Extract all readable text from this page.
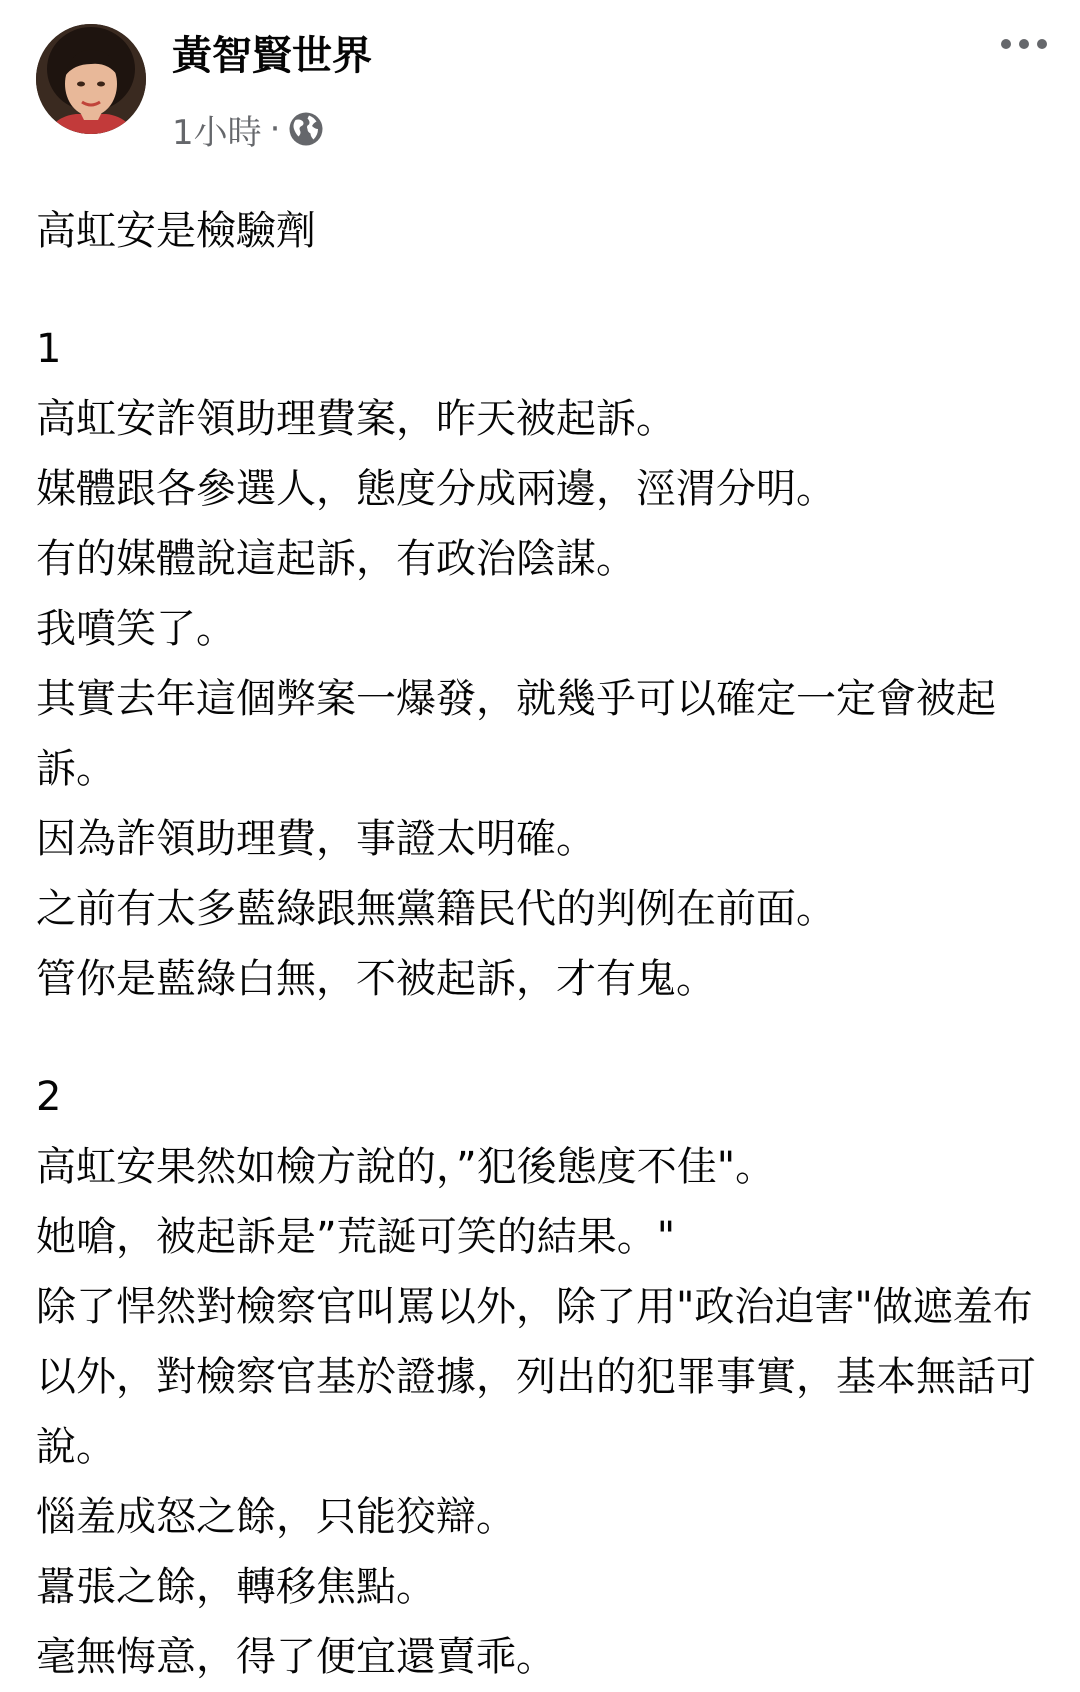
黃智賢世界
1小時 ·
高虹安是檢驗劑
1
高虹安詐領助理費案，昨天被起訴。
媒體跟各參選人，態度分成兩邊，涇渭分明。
有的媒體說這起訴，有政治陰謀。
我噴笑了。
其實去年這個弊案一爆發，就幾乎可以確定一定會被起訴。
因為詐領助理費，事證太明確。
之前有太多藍綠跟無黨籍民代的判例在前面。
管你是藍綠白無，不被起訴，才有鬼。
2
高虹安果然如檢方說的，”犯後態度不佳"。
她嗆，被起訴是”荒誕可笑的結果。"
除了悍然對檢察官叫罵以外，除了用"政治迫害"做遮羞布以外，對檢察官基於證據，列出的犯罪事實，基本無話可說。
惱羞成怒之餘，只能狡辯。
囂張之餘，轉移焦點。
毫無悔意，得了便宜還賣乖。
